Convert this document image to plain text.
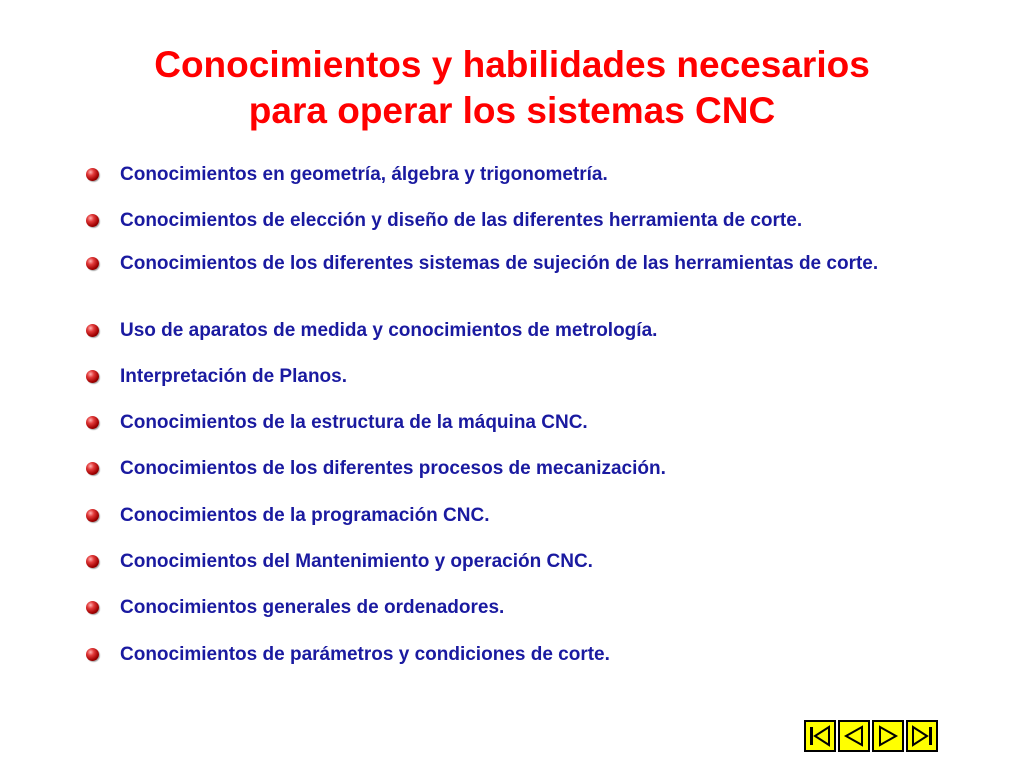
Conocimientos y habilidades necesarios
para operar los sistemas CNC
Conocimientos en geometría, álgebra y trigonometría.
Conocimientos de elección y diseño de las diferentes herramienta de corte.
Conocimientos de los diferentes sistemas de sujeción de las herramientas de corte.
Uso de aparatos de medida y conocimientos de metrología.
Interpretación de Planos.
Conocimientos de la estructura de la máquina CNC.
Conocimientos de los diferentes procesos de mecanización.
Conocimientos de la programación CNC.
Conocimientos del Mantenimiento y operación CNC.
Conocimientos generales de ordenadores.
Conocimientos de parámetros y condiciones de corte.
